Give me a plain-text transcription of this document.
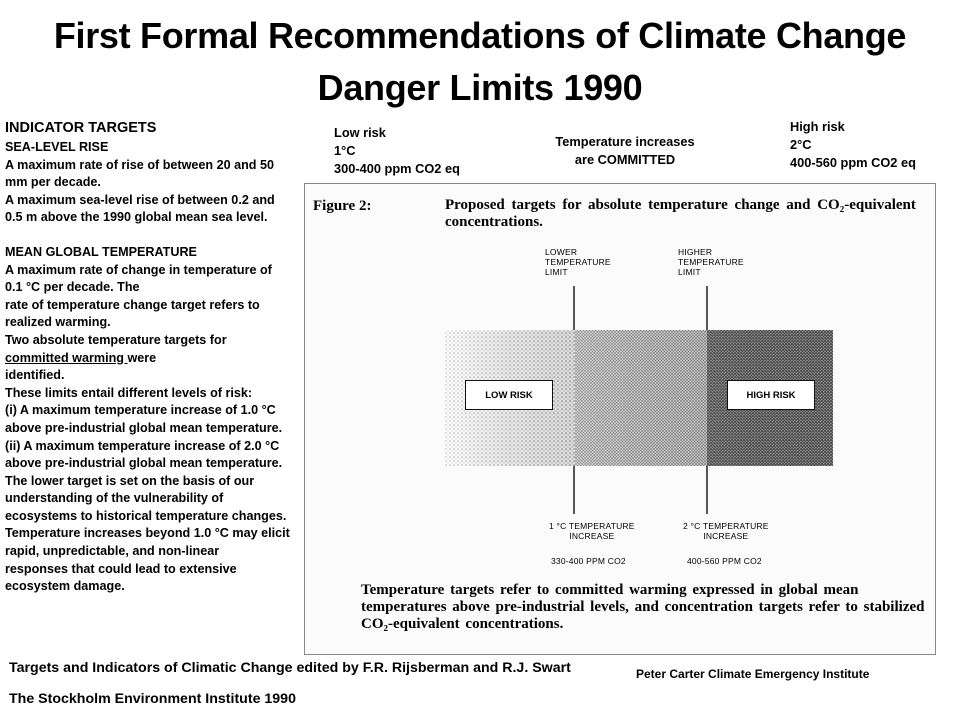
First Formal Recommendations of Climate Change
Danger Limits 1990
INDICATOR TARGETS
SEA-LEVEL RISE
A maximum rate of rise of between 20 and 50
mm per decade.
A maximum sea-level rise of between 0.2 and
0.5 m above the 1990 global mean sea level.
MEAN GLOBAL TEMPERATURE
A maximum rate of change in temperature of
0.1 °C per decade. The
rate of temperature change target refers to
realized warming.
Two absolute temperature targets for
committed warming were
identified.
These limits entail different levels of risk:
(i) A maximum temperature increase of 1.0 °C
above pre-industrial global mean temperature.
(ii) A maximum temperature increase of 2.0 °C
above pre-industrial global mean temperature.
The lower target is set on the basis of our
understanding of the vulnerability of
ecosystems to historical temperature changes.
Temperature increases beyond 1.0 °C may elicit
rapid, unpredictable, and non-linear
responses that could lead to extensive
ecosystem damage.
Low risk
1°C
300-400 ppm CO2 eq
Temperature increases
are COMMITTED
High risk
2°C
400-560 ppm CO2 eq
Figure 2:	Proposed targets for absolute temperature change and CO₂-equivalent concentrations.
LOWER
TEMPERATURE
LIMIT
HIGHER
TEMPERATURE
LIMIT
LOW RISK	HIGH RISK
1 °C TEMPERATURE
INCREASE
2 °C TEMPERATURE
INCREASE
330-400 PPM CO2	400-560 PPM CO2
Temperature targets refer to committed warming expressed in global mean temperatures above pre-industrial levels, and concentration targets refer to stabilized CO₂-equivalent concentrations.
Targets and Indicators of Climatic Change edited by F.R. Rijsberman and R.J. Swart
The Stockholm Environment Institute 1990
Peter Carter Climate Emergency Institute
